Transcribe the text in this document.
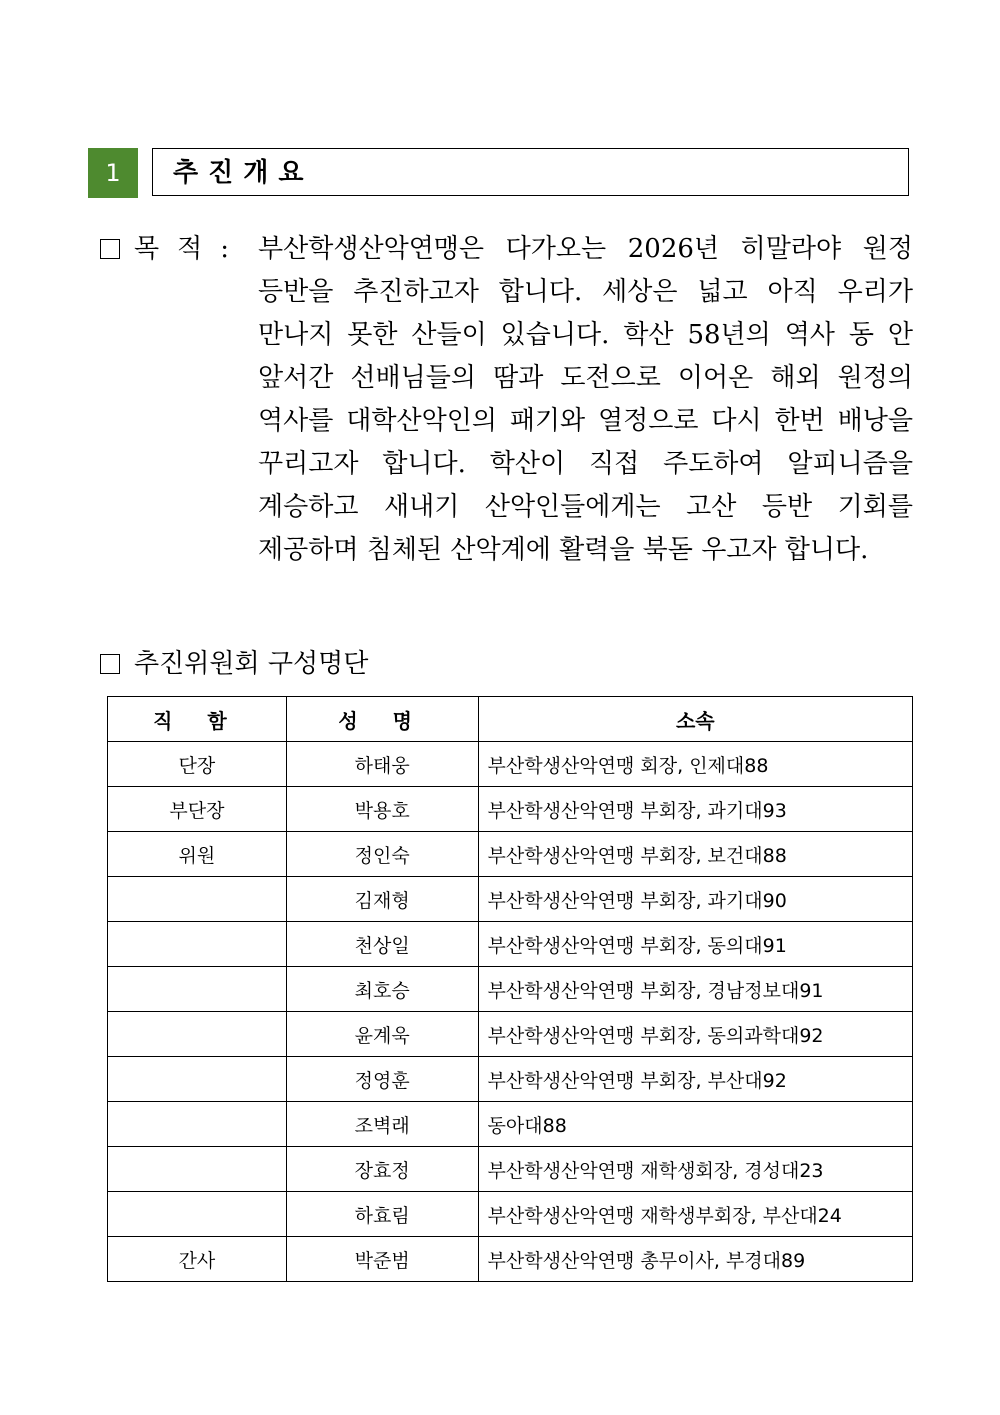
1	추진개요
목적: 부산학생산악연맹은 다가오는 2026년 히말라야 원정 등반을 추진하고자 합니다. 세상은 넓고 아직 우리가 만나지 못한 산들이 있습니다. 학산 58년의 역사 동 안 앞서간 선배님들의 땀과 도전으로 이어온 해외 원정의 역사를 대학산악인의 패기와 열정으로 다시 한번 배낭을 꾸리고자 합니다. 학산이 직접 주도하여 알피니즘을 계승하고 새내기 산악인들에게는 고산 등반 기회를 제공하며 침체된 산악계에 활력을 북돋 우고자 합니다.
추진위원회 구성명단
직 함	성 명	소속
단장	하태웅	부산학생산악연맹 회장, 인제대88
부단장	박용호	부산학생산악연맹 부회장, 과기대93
위원	정인숙	부산학생산악연맹 부회장, 보건대88
	김재형	부산학생산악연맹 부회장, 과기대90
	천상일	부산학생산악연맹 부회장, 동의대91
	최호승	부산학생산악연맹 부회장, 경남정보대91
	윤계욱	부산학생산악연맹 부회장, 동의과학대92
	정영훈	부산학생산악연맹 부회장, 부산대92
	조벽래	동아대88
	장효정	부산학생산악연맹 재학생회장, 경성대23
	하효림	부산학생산악연맹 재학생부회장, 부산대24
간사	박준범	부산학생산악연맹 총무이사, 부경대89
